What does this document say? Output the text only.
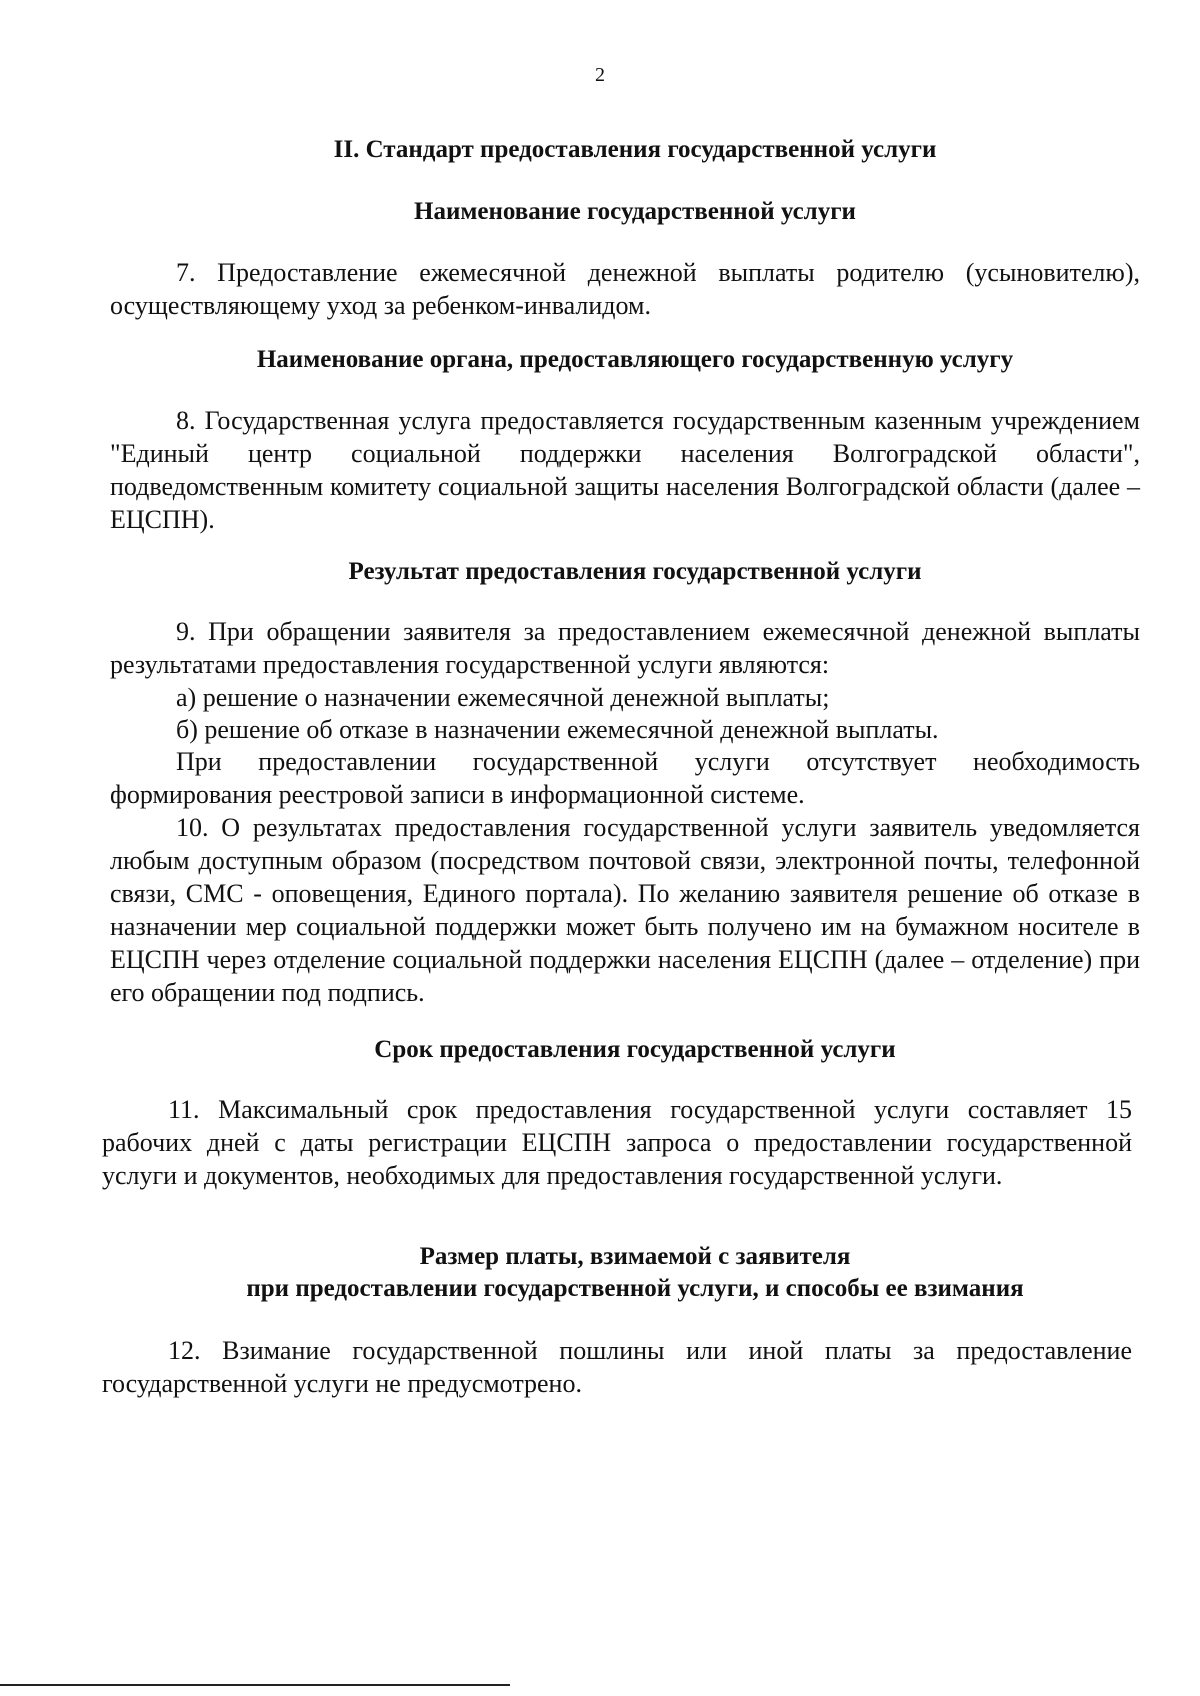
2
II. Стандарт предоставления государственной услуги
Наименование государственной услуги
7. Предоставление ежемесячной денежной выплаты родителю (усыновителю), осуществляющему уход за ребенком-инвалидом.
Наименование органа, предоставляющего государственную услугу
8. Государственная услуга предоставляется государственным казенным учреждением "Единый центр социальной поддержки населения Волгоградской области", подведомственным комитету социальной защиты населения Волгоградской области (далее – ЕЦСПН).
Результат предоставления государственной услуги
9. При обращении заявителя за предоставлением ежемесячной денежной выплаты результатами предоставления государственной услуги являются:
а) решение о назначении ежемесячной денежной выплаты;
б) решение об отказе в назначении ежемесячной денежной выплаты.
При предоставлении государственной услуги отсутствует необходимость формирования реестровой записи в информационной системе.
10. О результатах предоставления государственной услуги заявитель уведомляется любым доступным образом (посредством почтовой связи, электронной почты, телефонной связи, СМС - оповещения, Единого портала). По желанию заявителя решение об отказе в назначении мер социальной поддержки может быть получено им на бумажном носителе в ЕЦСПН через отделение социальной поддержки населения ЕЦСПН (далее – отделение) при его обращении под подпись.
Срок предоставления государственной услуги
11. Максимальный срок предоставления государственной услуги составляет 15 рабочих дней с даты регистрации ЕЦСПН запроса о предоставлении государственной услуги и документов, необходимых для предоставления государственной услуги.
Размер платы, взимаемой с заявителя
при предоставлении государственной услуги, и способы ее взимания
12. Взимание государственной пошлины или иной платы за предоставление государственной услуги не предусмотрено.
